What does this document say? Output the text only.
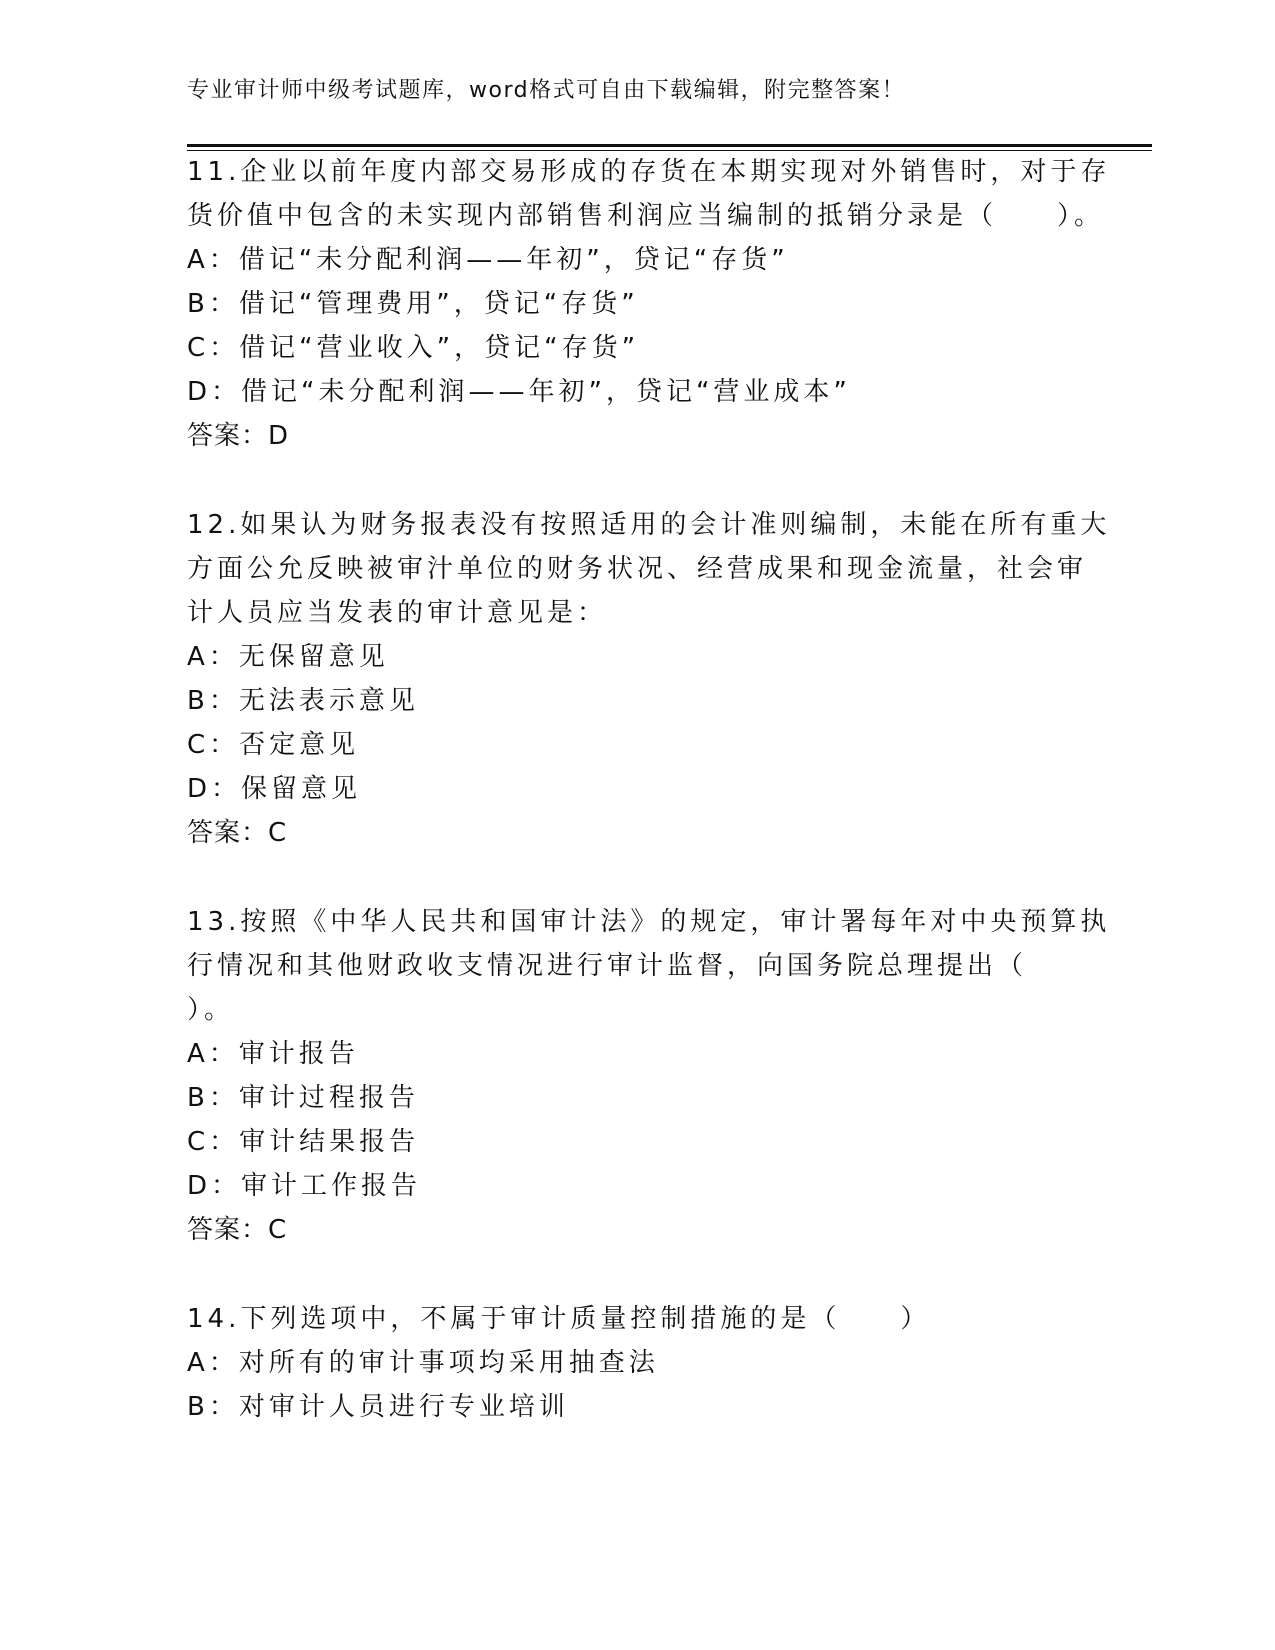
专业审计师中级考试题库，word格式可自由下载编辑，附完整答案！
11.企业以前年度内部交易形成的存货在本期实现对外销售时，对于存
货价值中包含的未实现内部销售利润应当编制的抵销分录是（　　）。
A：借记“未分配利润——年初”，贷记“存货”
B：借记“管理费用”，贷记“存货”
C：借记“营业收入”，贷记“存货”
D：借记“未分配利润——年初”，贷记“营业成本”
答案：D
12.如果认为财务报表没有按照适用的会计准则编制，未能在所有重大
方面公允反映被审汁单位的财务状况、经营成果和现金流量，社会审
计人员应当发表的审计意见是：
A：无保留意见
B：无法表示意见
C：否定意见
D：保留意见
答案：C
13.按照《中华人民共和国审计法》的规定，审计署每年对中央预算执
行情况和其他财政收支情况进行审计监督，向国务院总理提出（
）。
A：审计报告
B：审计过程报告
C：审计结果报告
D：审计工作报告
答案：C
14.下列选项中，不属于审计质量控制措施的是（　　）
A：对所有的审计事项均采用抽查法
B：对审计人员进行专业培训
